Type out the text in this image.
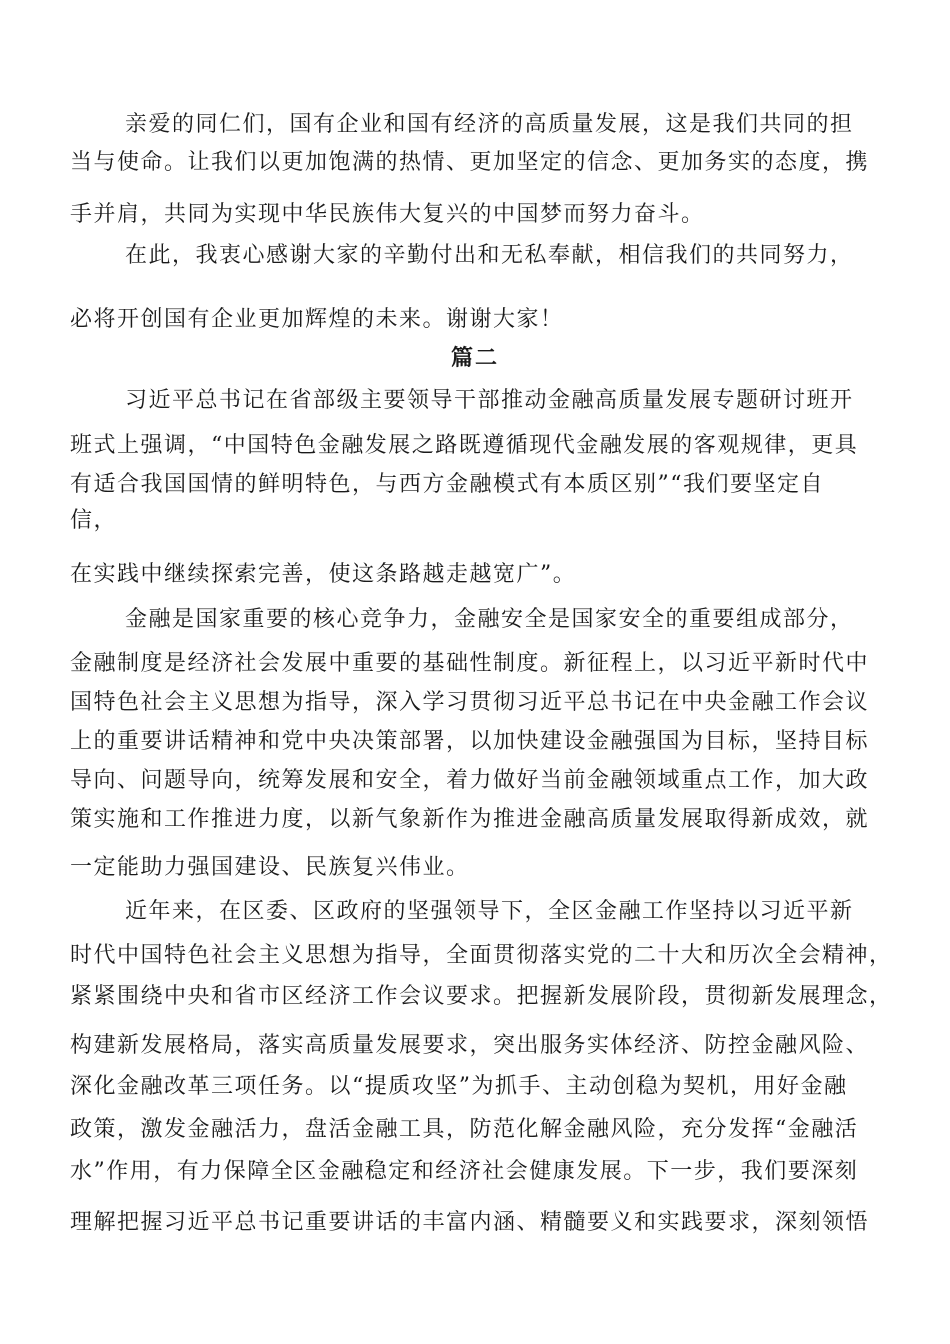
亲爱的同仁们，国有企业和国有经济的高质量发展，这是我们共同的担
当与使命。让我们以更加饱满的热情、更加坚定的信念、更加务实的态度，携
手并肩，共同为实现中华民族伟大复兴的中国梦而努力奋斗。
在此，我衷心感谢大家的辛勤付出和无私奉献，相信我们的共同努力，
必将开创国有企业更加辉煌的未来。谢谢大家！
篇二
习近平总书记在省部级主要领导干部推动金融高质量发展专题研讨班开
班式上强调，“中国特色金融发展之路既遵循现代金融发展的客观规律，更具
有适合我国国情的鲜明特色，与西方金融模式有本质区别”“我们要坚定自
信，
在实践中继续探索完善，使这条路越走越宽广”。
金融是国家重要的核心竞争力，金融安全是国家安全的重要组成部分，
金融制度是经济社会发展中重要的基础性制度。新征程上，以习近平新时代中
国特色社会主义思想为指导，深入学习贯彻习近平总书记在中央金融工作会议
上的重要讲话精神和党中央决策部署，以加快建设金融强国为目标，坚持目标
导向、问题导向，统筹发展和安全，着力做好当前金融领域重点工作，加大政
策实施和工作推进力度，以新气象新作为推进金融高质量发展取得新成效，就
一定能助力强国建设、民族复兴伟业。
近年来，在区委、区政府的坚强领导下，全区金融工作坚持以习近平新
时代中国特色社会主义思想为指导，全面贯彻落实党的二十大和历次全会精神，
紧紧围绕中央和省市区经济工作会议要求。把握新发展阶段，贯彻新发展理念，
构建新发展格局，落实高质量发展要求，突出服务实体经济、防控金融风险、
深化金融改革三项任务。以“提质攻坚”为抓手、主动创稳为契机，用好金融
政策，激发金融活力，盘活金融工具，防范化解金融风险，充分发挥“金融活
水”作用，有力保障全区金融稳定和经济社会健康发展。下一步，我们要深刻
理解把握习近平总书记重要讲话的丰富内涵、精髓要义和实践要求，深刻领悟
